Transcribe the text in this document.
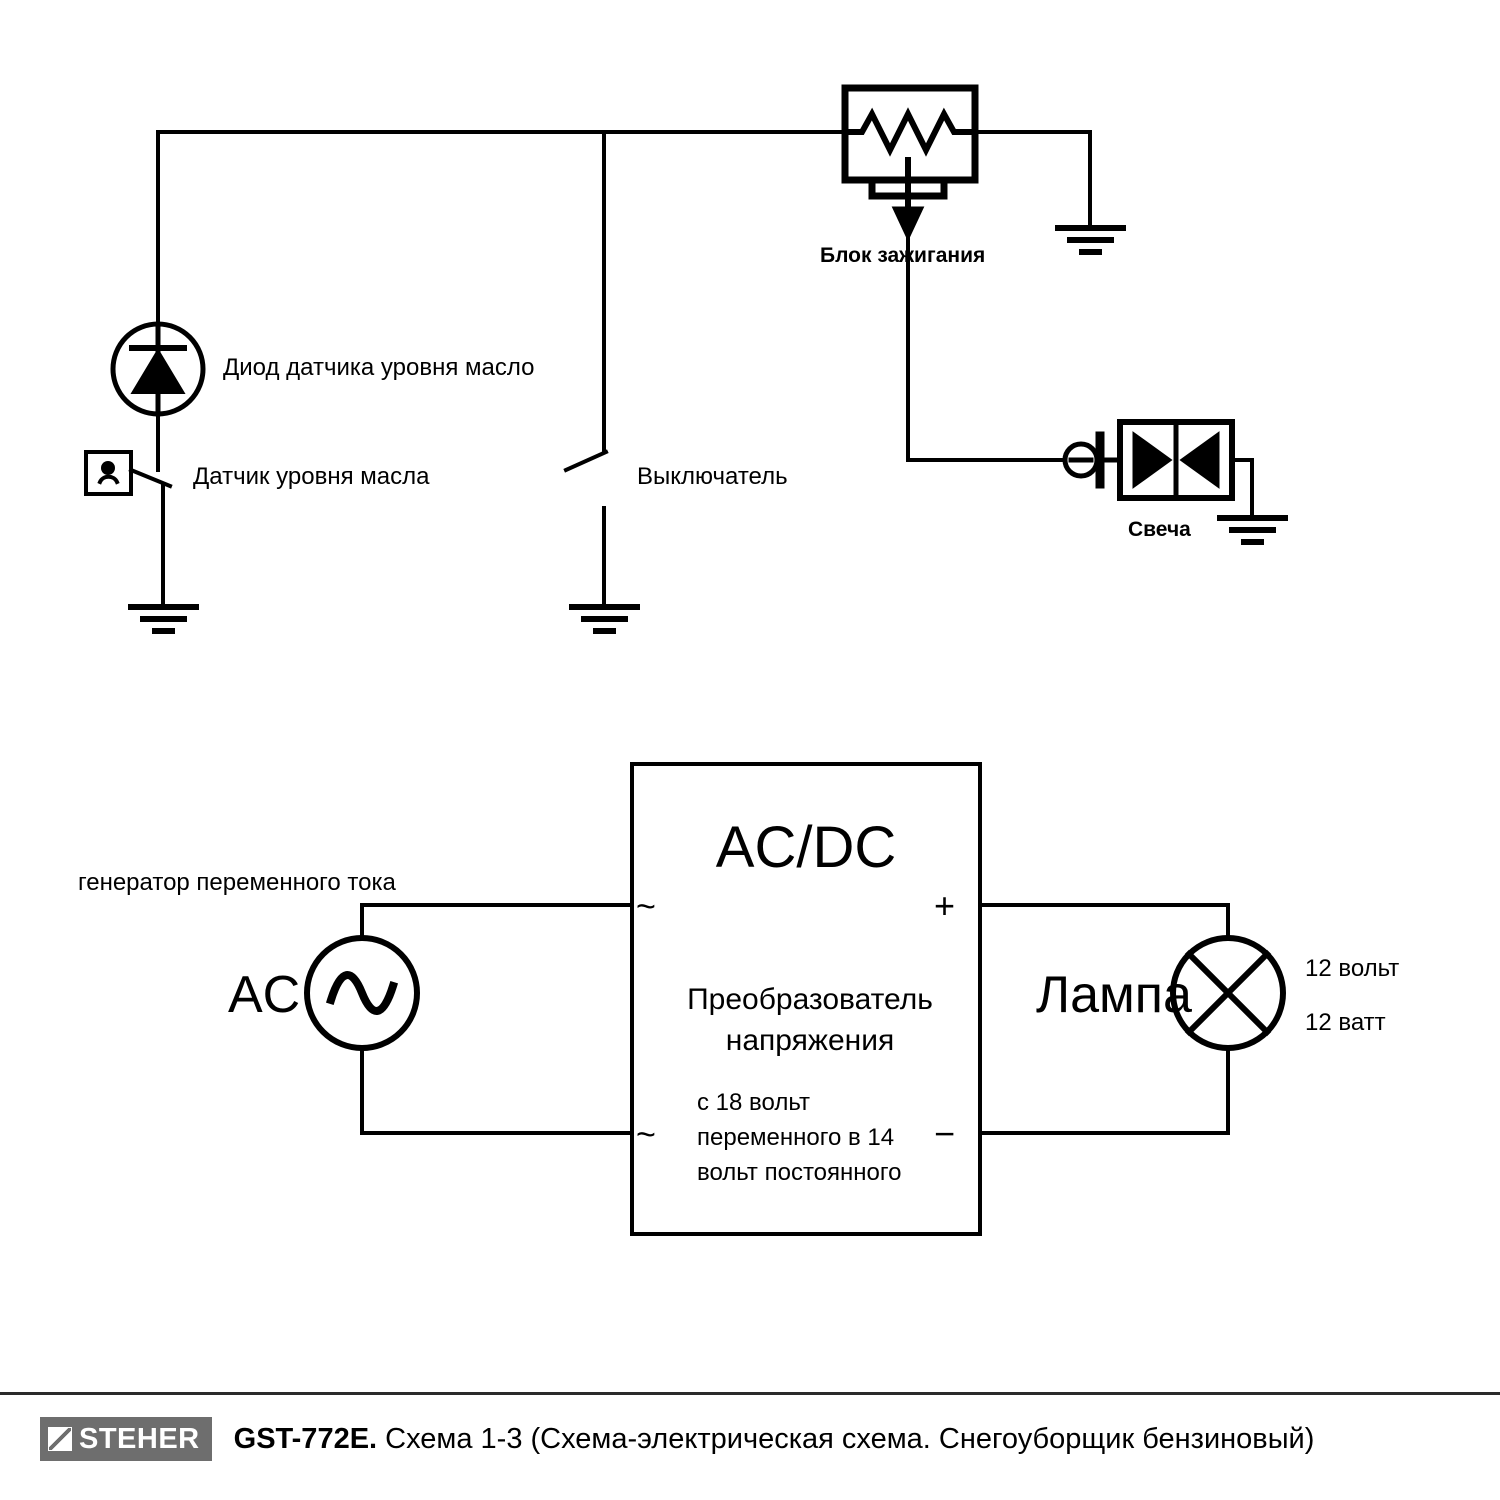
Блок зажигания
Диод датчика уровня масло
Датчик уровня масла	Выключатель
Свеча
генератор переменного тока
AC
AC/DC
Преобразователь
напряжения
с 18 вольт
переменного в 14
вольт постоянного
~
~
+
−
Лампа	12 вольт
12 ватт
STEHER GST-772E. Схема 1-3 (Схема-электрическая схема. Снегоуборщик бензиновый)
